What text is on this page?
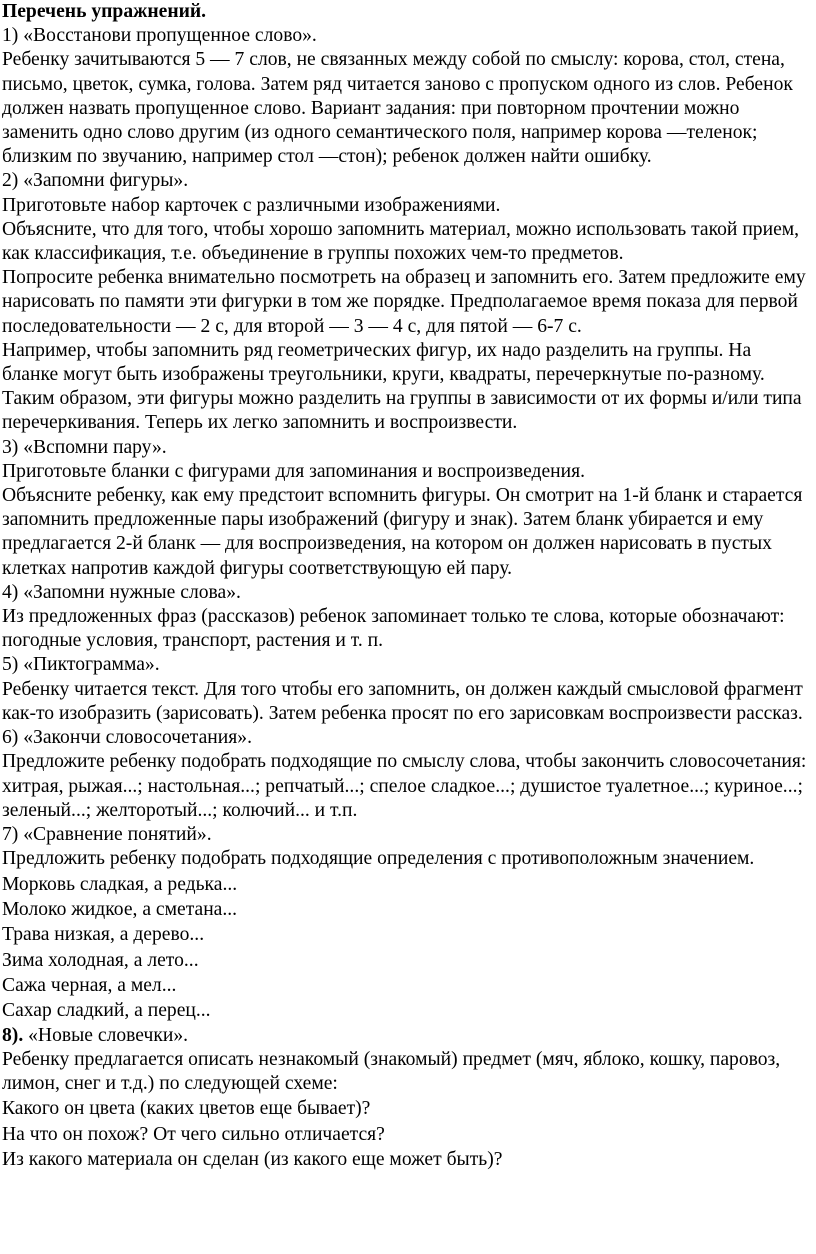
Перечень упражнений.

1) «Восстанови пропущенное слово».

Ребенку зачитываются 5 — 7 слов, не связанных между собой по смыслу: корова, стол, стена, письмо, цветок, сумка, голова. Затем ряд читается заново с пропуском одного из слов. Ребенок должен назвать пропущенное слово. Вариант задания: при повторном прочтении можно заменить одно слово другим (из одного семантического поля, например корова —теленок; близким по звучанию, например стол —стон); ребенок должен найти ошибку.

2) «Запомни фигуры».

Приготовьте набор карточек с различными изображениями.

Объясните, что для того, чтобы хорошо запомнить материал, можно использовать такой прием, как классификация, т.е. объединение в группы похожих чем-то предметов.

Попросите ребенка внимательно посмотреть на образец и запомнить его. Затем предложите ему нарисовать по памяти эти фигурки в том же порядке. Предполагаемое время показа для первой последовательности — 2 с, для второй — 3 — 4 с, для пятой — 6-7 с.

Например, чтобы запомнить ряд геометрических фигур, их надо разделить на группы. На бланке могут быть изображены треугольники, круги, квадраты, перечеркнутые по-разному. Таким образом, эти фигуры можно разделить на группы в зависимости от их формы и/или типа перечеркивания. Теперь их легко запомнить и воспроизвести.

3) «Вспомни пару».

Приготовьте бланки с фигурами для запоминания и воспроизведения.

Объясните ребенку, как ему предстоит вспомнить фигуры. Он смотрит на 1-й бланк и старается запомнить предложенные пары изображений (фигуру и знак). Затем бланк убирается и ему предлагается 2-й бланк — для воспроизведения, на котором он должен нарисовать в пустых клетках напротив каждой фигуры соответствующую ей пару.

4) «Запомни нужные слова».

Из предложенных фраз (рассказов) ребенок запоминает только те слова, которые обозначают: погодные условия, транспорт, растения и т. п.

5) «Пиктограмма».

Ребенку читается текст. Для того чтобы его запомнить, он должен каждый смысловой фрагмент как-то изобразить (зарисовать). Затем ребенка просят по его зарисовкам воспроизвести рассказ.

6) «Закончи словосочетания».

Предложите ребенку подобрать подходящие по смыслу слова, чтобы закончить словосочетания:

хитрая, рыжая...; настольная...; репчатый...; спелое сладкое...; душистое туалетное...; куриное...; зеленый...; желторотый...; колючий... и т.п.

7) «Сравнение понятий».

Предложить ребенку подобрать подходящие определения с противоположным значением.

Морковь сладкая, а редька...

Молоко жидкое, а сметана...

Трава низкая, а дерево...

Зима холодная, а лето...

Сажа черная, а мел...

Сахар сладкий, а перец...

8). «Новые словечки».

Ребенку предлагается описать незнакомый (знакомый) предмет (мяч, яблоко, кошку, паровоз, лимон, снег и т.д.) по следующей схеме:

Какого он цвета (каких цветов еще бывает)?

На что он похож? От чего сильно отличается?

Из какого материала он сделан (из какого еще может быть)?
